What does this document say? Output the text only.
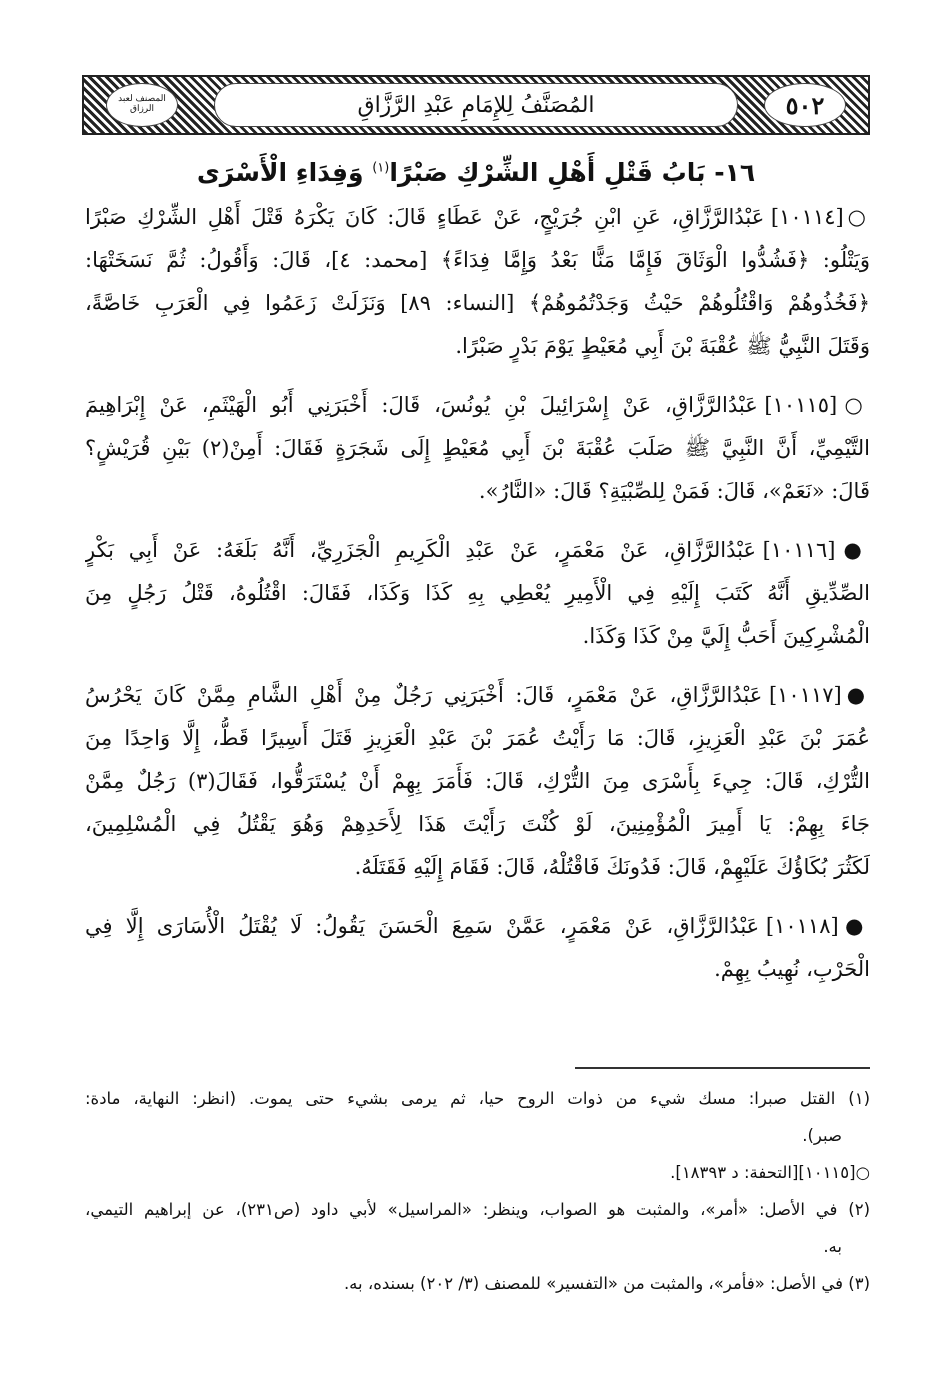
٥٠٢
المُصَنَّفُ لِلإِمَامِ عَبْدِ الرَّزَّاقِ
المصنف لعبد الرزاق
١٦- بَابُ قَتْلِ أَهْلِ الشِّرْكِ صَبْرًا$^{(١)}$ وَفِدَاءِ الْأَسْرَى
○[١٠١١٤] عَبْدُالرَّزَّاقِ، عَنِ ابْنِ جُرَيْجٍ، عَنْ عَطَاءٍ قَالَ: كَانَ يَكْرَهُ قَتْلَ أَهْلِ الشِّرْكِ صَبْرًا
وَيَتْلُو: ﴿فَشُدُّوا الْوَثَاقَ فَإِمَّا مَنًّا بَعْدُ وَإِمَّا فِدَاءً﴾ [محمد: ٤]، قَالَ: وَأَقُولُ: ثُمَّ نَسَخَتْهَا:
﴿فَخُذُوهُمْ وَاقْتُلُوهُمْ حَيْثُ وَجَدْتُمُوهُمْ﴾ [النساء: ٨٩] وَنَزَلَتْ زَعَمُوا فِي الْعَرَبِ خَاصَّةً،
وَقَتَلَ النَّبِيُّ ﷺ عُقْبَةَ بْنَ أَبِي مُعَيْطٍ يَوْمَ بَدْرٍ صَبْرًا.
○[١٠١١٥] عَبْدُالرَّزَّاقِ، عَنْ إِسْرَائِيلَ بْنِ يُونُسَ، قَالَ: أَخْبَرَنِي أَبُو الْهَيْثَمِ، عَنْ إِبْرَاهِيمَ
التَّيْمِيِّ، أَنَّ النَّبِيَّ ﷺ صَلَبَ عُقْبَةَ بْنَ أَبِي مُعَيْطٍ إِلَى شَجَرَةٍ فَقَالَ: أَمِنْ(٢) بَيْنِ قُرَيْشٍ؟
قَالَ: «نَعَمْ»، قَالَ: فَمَنْ لِلصِّبْيَةِ؟ قَالَ: «النَّارُ».
●[١٠١١٦] عَبْدُالرَّزَّاقِ، عَنْ مَعْمَرٍ، عَنْ عَبْدِ الْكَرِيمِ الْجَزَرِيِّ، أَنَّهُ بَلَغَهُ: عَنْ أَبِي بَكْرٍ
الصِّدِّيقِ أَنَّهُ كَتَبَ إِلَيْهِ فِي الْأَمِيرِ يُعْطِي بِهِ كَذَا وَكَذَا، فَقَالَ: اقْتُلُوهُ، قَتْلُ رَجُلٍ مِنَ
الْمُشْرِكِينَ أَحَبُّ إِلَيَّ مِنْ كَذَا وَكَذَا.
●[١٠١١٧] عَبْدُالرَّزَّاقِ، عَنْ مَعْمَرٍ، قَالَ: أَخْبَرَنِي رَجُلٌ مِنْ أَهْلِ الشَّامِ مِمَّنْ كَانَ يَحْرُسُ
عُمَرَ بْنَ عَبْدِ الْعَزِيزِ، قَالَ: مَا رَأَيْتُ عُمَرَ بْنَ عَبْدِ الْعَزِيزِ قَتَلَ أَسِيرًا قَطُّ، إِلَّا وَاحِدًا مِنَ
التُّرْكِ، قَالَ: جِيءَ بِأَسْرَى مِنَ التُّرْكِ، قَالَ: فَأَمَرَ بِهِمْ أَنْ يُسْتَرَقُّوا، فَقَالَ(٣) رَجُلٌ مِمَّنْ
جَاءَ بِهِمْ: يَا أَمِيرَ الْمُؤْمِنِينَ، لَوْ كُنْتَ رَأَيْتَ هَذَا لِأَحَدِهِمْ وَهُوَ يَقْتُلُ فِي الْمُسْلِمِينَ،
لَكَثُرَ بُكَاؤُكَ عَلَيْهِمْ، قَالَ: فَدُونَكَ فَاقْتُلْهُ، قَالَ: فَقَامَ إِلَيْهِ فَقَتَلَهُ.
●[١٠١١٨] عَبْدُالرَّزَّاقِ، عَنْ مَعْمَرٍ، عَمَّنْ سَمِعَ الْحَسَنَ يَقُولُ: لَا يُقْتَلُ الْأُسَارَى إِلَّا فِي
الْحَرْبِ، نُهِيبُ بِهِمْ.
(١) القتل صبرا: مسك شيء من ذوات الروح حيا، ثم يرمى بشيء حتى يموت. (انظر: النهاية، مادة:
صبر).
○[١٠١١٥][التحفة: د ١٨٣٩٣].
(٢) في الأصل: «أمر»، والمثبت هو الصواب، وينظر: «المراسيل» لأبي داود (ص٢٣١)، عن إبراهيم التيمي،
به.
(٣) في الأصل: «فأمر»، والمثبت من «التفسير» للمصنف (٣/ ٢٠٢) بسنده، به.
